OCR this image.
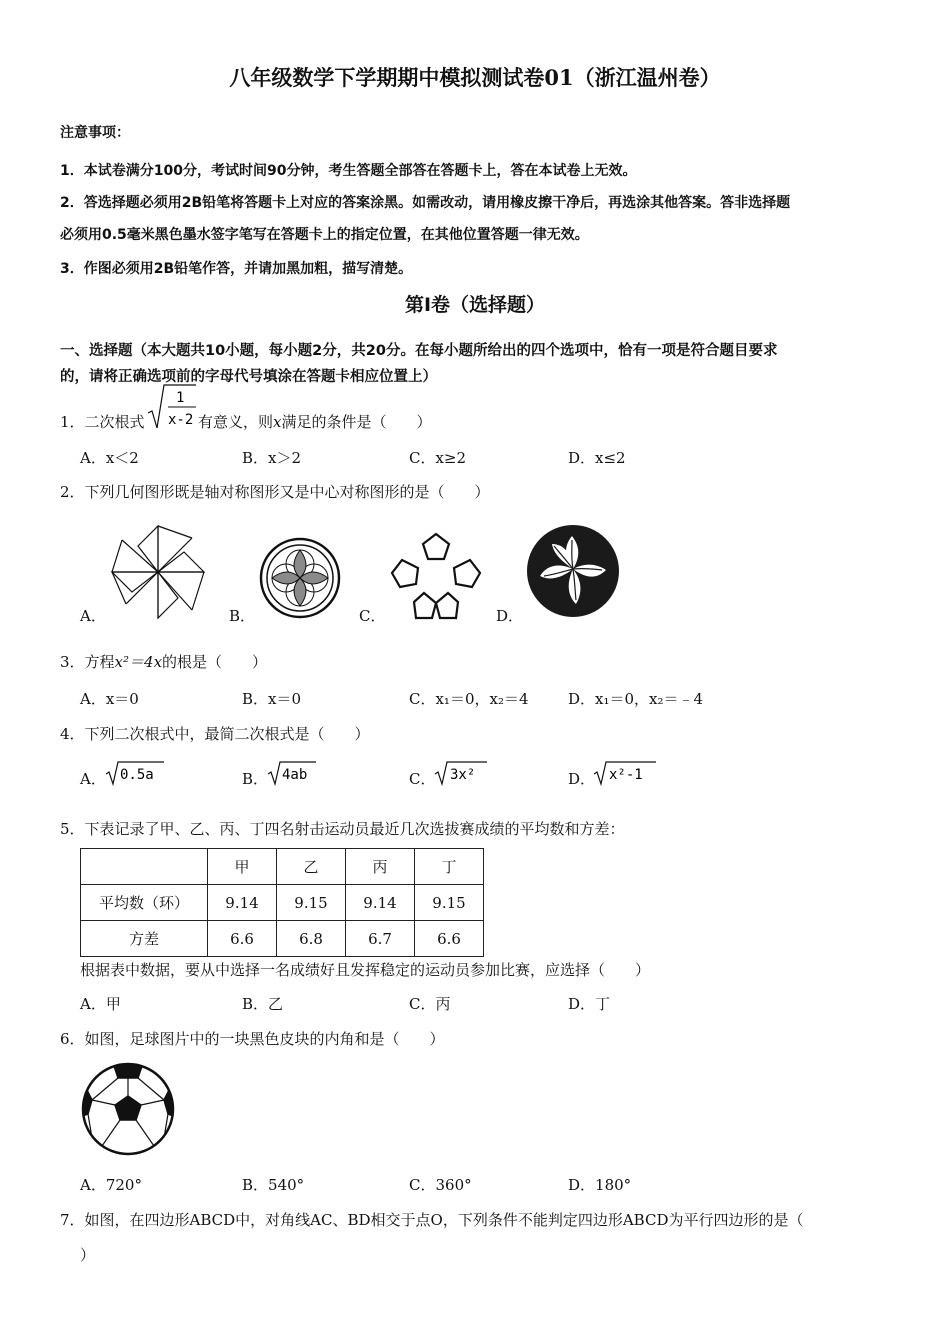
八年级数学下学期期中模拟测试卷01（浙江温州卷）
注意事项：
1．本试卷满分100分，考试时间90分钟，考生答题全部答在答题卡上，答在本试卷上无效。
2．答选择题必须用2B铅笔将答题卡上对应的答案涂黑。如需改动，请用橡皮擦干净后，再选涂其他答案。答非选择题
必须用0.5毫米黑色墨水签字笔写在答题卡上的指定位置，在其他位置答题一律无效。
3．作图必须用2B铅笔作答，并请加黑加粗，描写清楚。
第Ⅰ卷（选择题）
一、选择题（本大题共10小题，每小题2分，共20分。在每小题所给出的四个选项中，恰有一项是符合题目要求
的，请将正确选项前的字母代号填涂在答题卡相应位置上）
1．二次根式
1
x-2 有意义，则x满足的条件是（　　）
A．x＜2	B．x＞2	C．x≥2	D．x≤2
2．下列几何图形既是轴对称图形又是中心对称图形的是（　　）
A．	B．	C．	D．
3．方程x²＝4x的根是（　　）
A．x＝0	B．x＝0	C．x₁＝0，x₂＝4	D．x₁＝0，x₂＝﹣4
4．下列二次根式中，最简二次根式是（　　）
A． 0.5a	B． 4ab	C． 3x²	D． x²-1
5．下表记录了甲、乙、丙、丁四名射击运动员最近几次选拔赛成绩的平均数和方差：
	甲	乙	丙	丁
平均数（环）	9.14	9.15	9.14	9.15
方差	6.6	6.8	6.7	6.6
根据表中数据，要从中选择一名成绩好且发挥稳定的运动员参加比赛，应选择（　　）
A．甲	B．乙	C．丙	D．丁
6．如图，足球图片中的一块黑色皮块的内角和是（　　）
A．720°	B．540°	C．360°	D．180°
7．如图，在四边形ABCD中，对角线AC、BD相交于点O，下列条件不能判定四边形ABCD为平行四边形的是（
）
